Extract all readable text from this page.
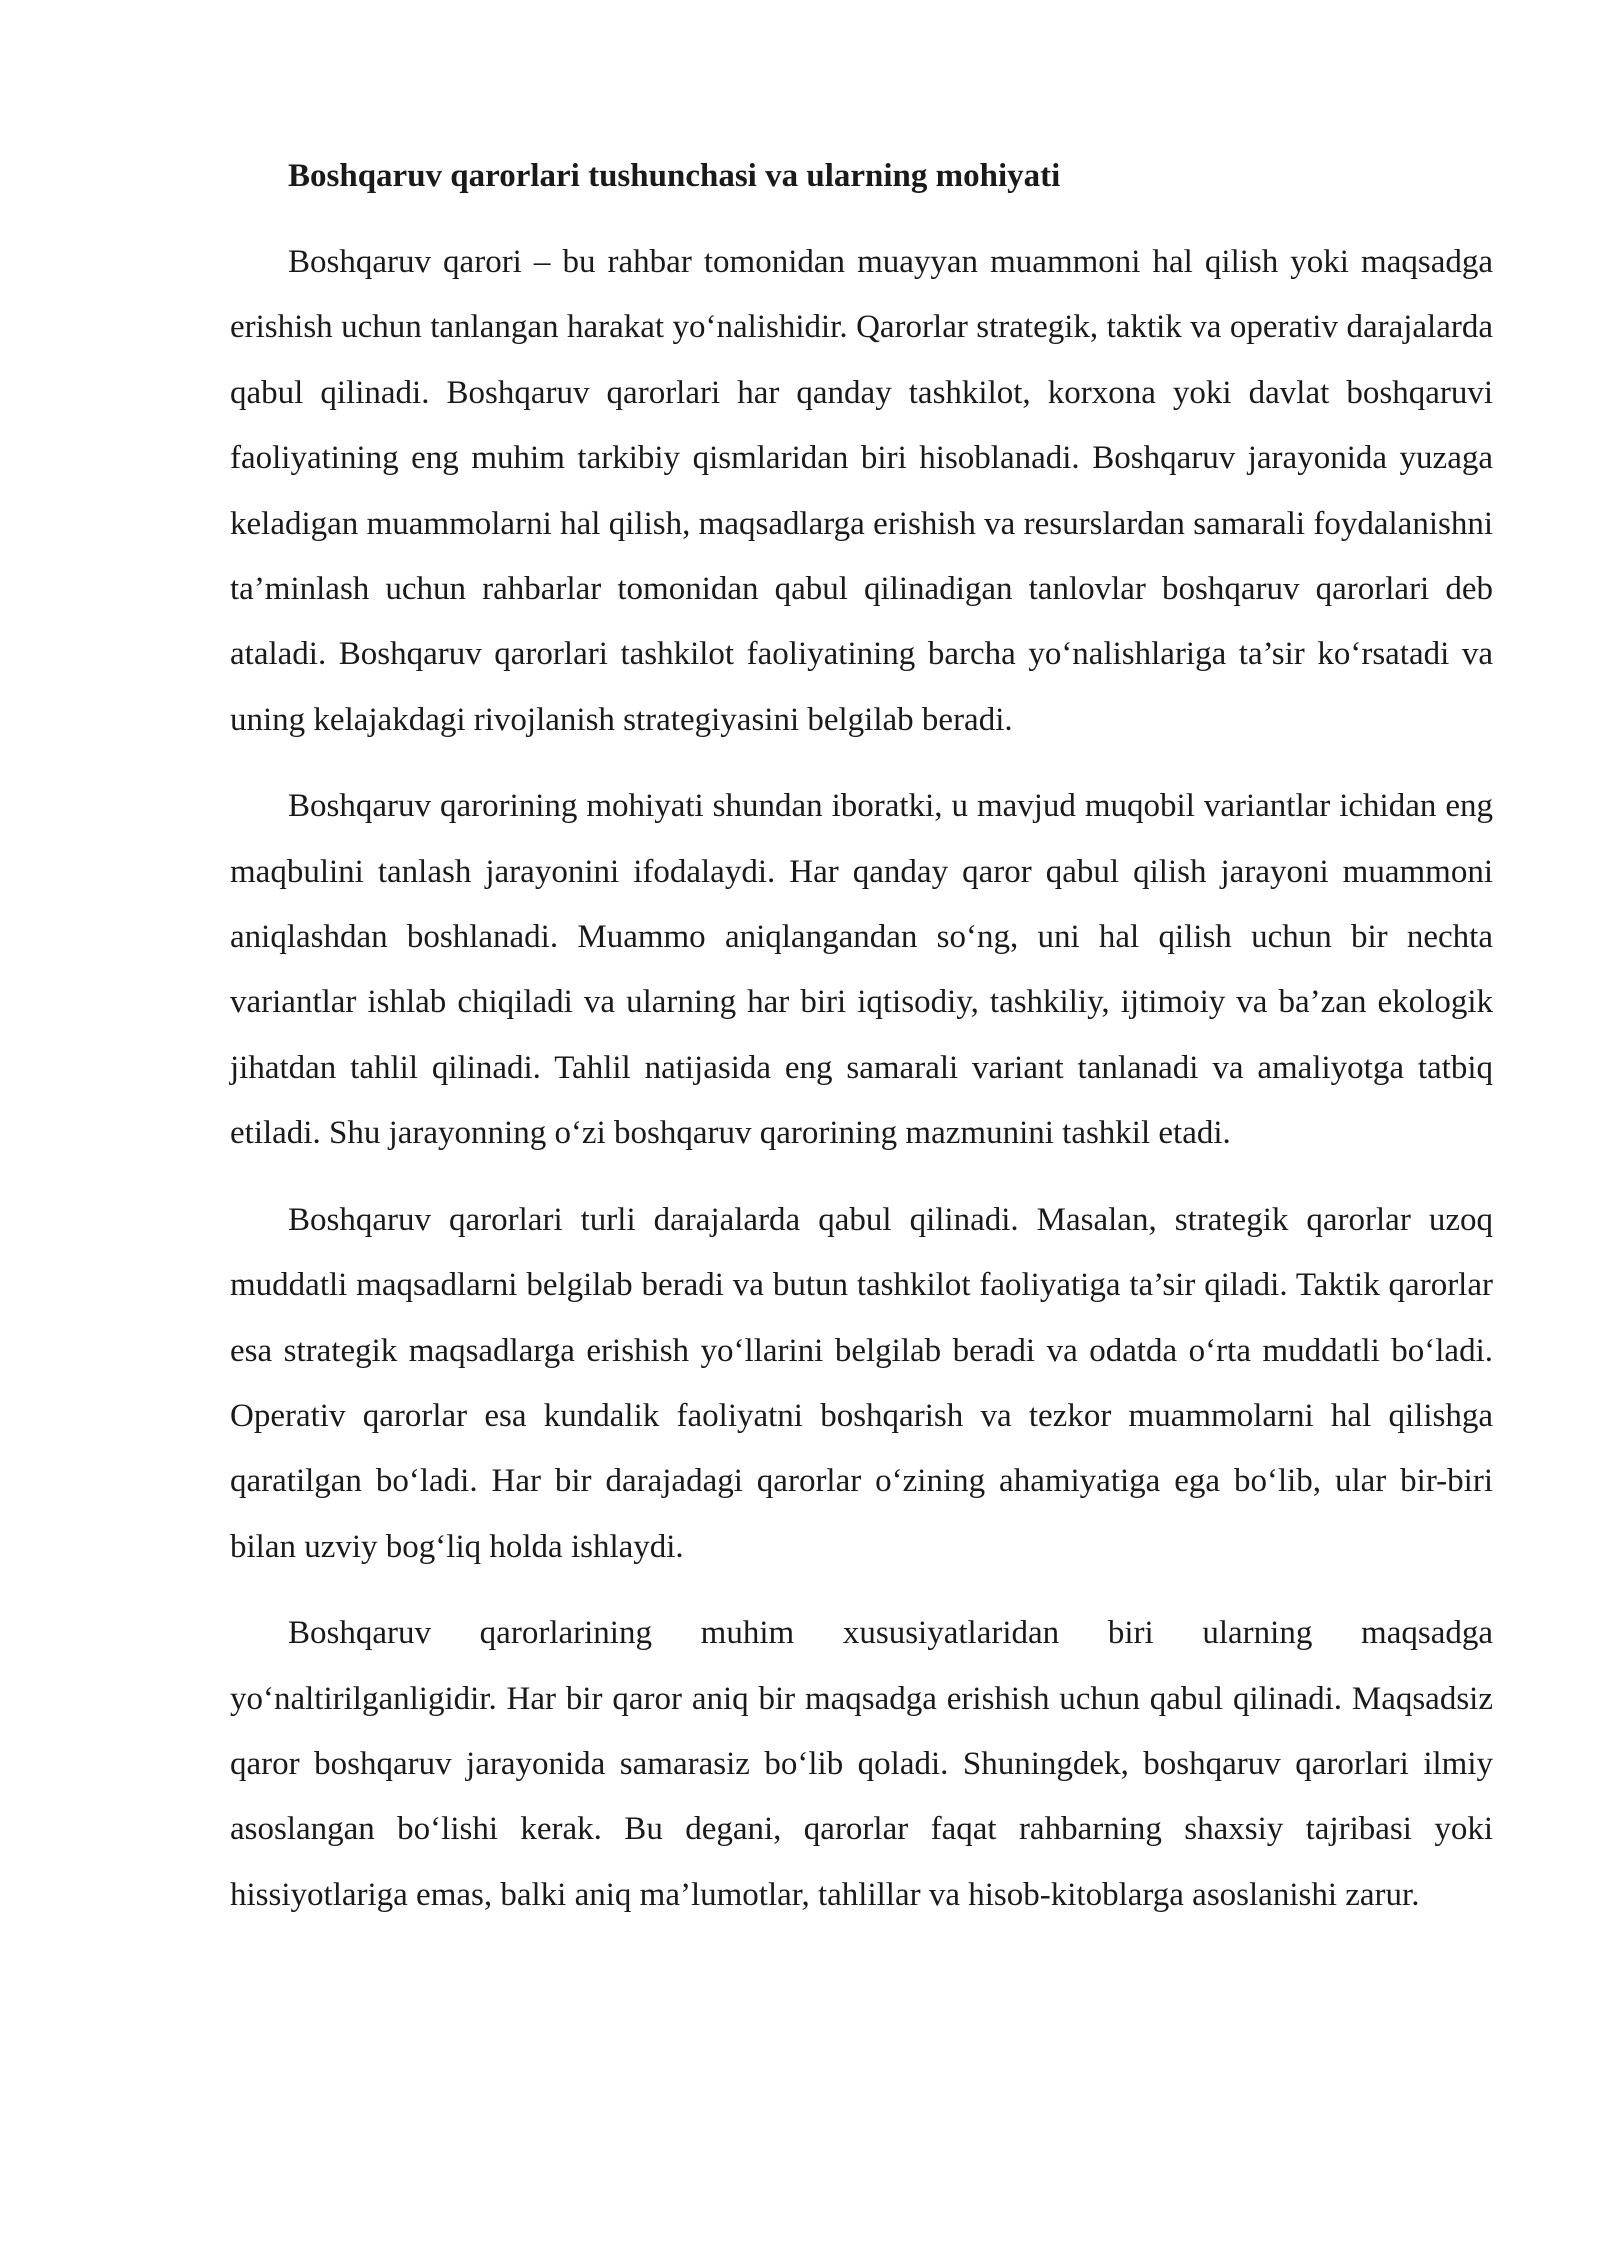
Boshqaruv qarorlari tushunchasi va ularning mohiyati

Boshqaruv qarori – bu rahbar tomonidan muayyan muammoni hal qilish yoki maqsadga erishish uchun tanlangan harakat yo‘nalishidir. Qarorlar strategik, taktik va operativ darajalarda qabul qilinadi. Boshqaruv qarorlari har qanday tashkilot, korxona yoki davlat boshqaruvi faoliyatining eng muhim tarkibiy qismlaridan biri hisoblanadi. Boshqaruv jarayonida yuzaga keladigan muammolarni hal qilish, maqsadlarga erishish va resurslardan samarali foydalanishni ta’minlash uchun rahbarlar tomonidan qabul qilinadigan tanlovlar boshqaruv qarorlari deb ataladi. Boshqaruv qarorlari tashkilot faoliyatining barcha yo‘nalishlariga ta’sir ko‘rsatadi va uning kelajakdagi rivojlanish strategiyasini belgilab beradi.

Boshqaruv qarorining mohiyati shundan iboratki, u mavjud muqobil variantlar ichidan eng maqbulini tanlash jarayonini ifodalaydi. Har qanday qaror qabul qilish jarayoni muammoni aniqlashdan boshlanadi. Muammo aniqlangandan so‘ng, uni hal qilish uchun bir nechta variantlar ishlab chiqiladi va ularning har biri iqtisodiy, tashkiliy, ijtimoiy va ba’zan ekologik jihatdan tahlil qilinadi. Tahlil natijasida eng samarali variant tanlanadi va amaliyotga tatbiq etiladi. Shu jarayonning o‘zi boshqaruv qarorining mazmunini tashkil etadi.

Boshqaruv qarorlari turli darajalarda qabul qilinadi. Masalan, strategik qarorlar uzoq muddatli maqsadlarni belgilab beradi va butun tashkilot faoliyatiga ta’sir qiladi. Taktik qarorlar esa strategik maqsadlarga erishish yo‘llarini belgilab beradi va odatda o‘rta muddatli bo‘ladi. Operativ qarorlar esa kundalik faoliyatni boshqarish va tezkor muammolarni hal qilishga qaratilgan bo‘ladi. Har bir darajadagi qarorlar o‘zining ahamiyatiga ega bo‘lib, ular bir-biri bilan uzviy bog‘liq holda ishlaydi.

Boshqaruv qarorlarining muhim xususiyatlaridan biri ularning maqsadga yo‘naltirilganligidir. Har bir qaror aniq bir maqsadga erishish uchun qabul qilinadi. Maqsadsiz qaror boshqaruv jarayonida samarasiz bo‘lib qoladi. Shuningdek, boshqaruv qarorlari ilmiy asoslangan bo‘lishi kerak. Bu degani, qarorlar faqat rahbarning shaxsiy tajribasi yoki hissiyotlariga emas, balki aniq ma’lumotlar, tahlillar va hisob-kitoblarga asoslanishi zarur.
